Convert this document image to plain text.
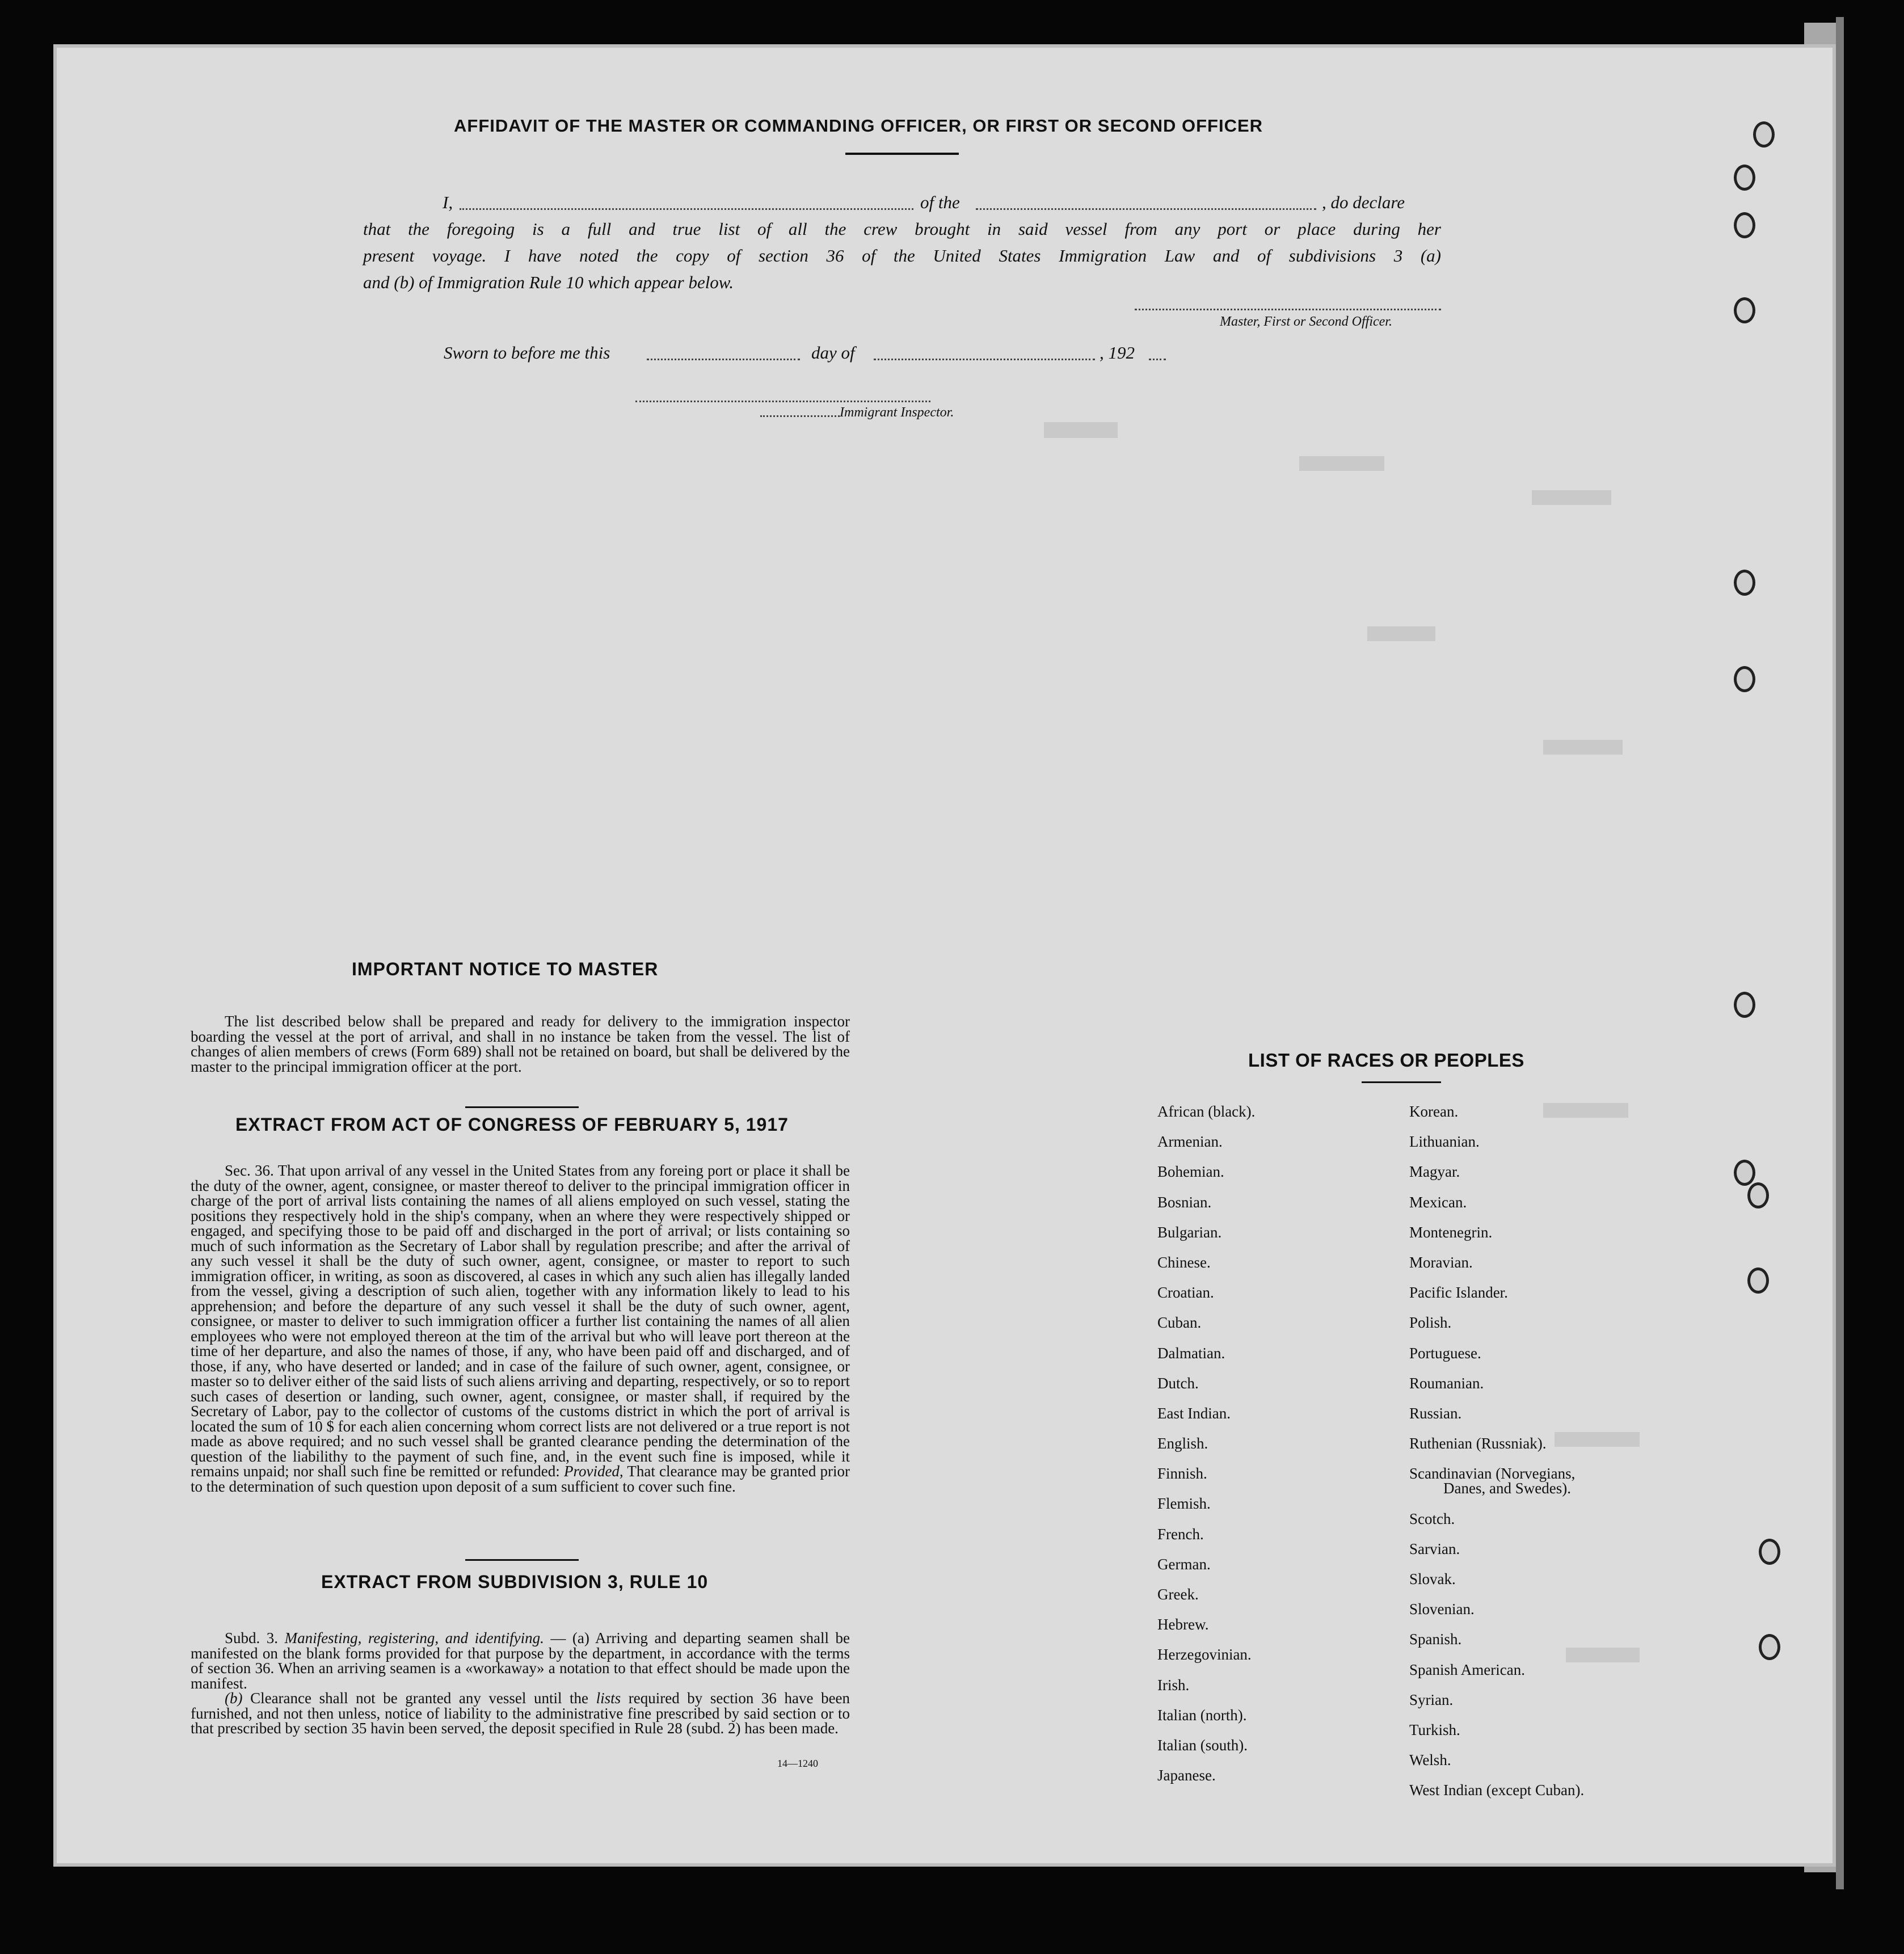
AFFIDAVIT OF THE MASTER OR COMMANDING OFFICER, OR FIRST OR SECOND OFFICER
I,	of the	, do declare
that the foregoing is a full and true list of all the crew brought in said vessel from any port or place during her
present voyage. I have noted the copy of section 36 of the United States Immigration Law and of subdivisions 3 (a)
and (b) of Immigration Rule 10 which appear below.
Master, First or Second Officer.
Sworn to before me this	day of	, 192
Immigrant Inspector.
IMPORTANT NOTICE TO MASTER
The list described below shall be prepared and ready for delivery to the immigration inspector boarding the vessel at the port of arrival, and shall in no instance be taken from the vessel. The list of changes of alien members of crews (Form 689) shall not be retained on board, but shall be delivered by the master to the principal immigration officer at the port.
EXTRACT FROM ACT OF CONGRESS OF FEBRUARY 5, 1917
Sec. 36. That upon arrival of any vessel in the United States from any foreing port or place it shall be the duty of the owner, agent, consignee, or master thereof to deliver to the principal immigration officer in charge of the port of arrival lists containing the names of all aliens employed on such vessel, stating the positions they respectively hold in the ship's company, when an where they were respectively shipped or engaged, and specifying those to be paid off and discharged in the port of arrival; or lists containing so much of such information as the Secretary of Labor shall by regulation prescribe; and after the arrival of any such vessel it shall be the duty of such owner, agent, consignee, or master to report to such immigration officer, in writing, as soon as discovered, al cases in which any such alien has illegally landed from the vessel, giving a description of such alien, together with any information likely to lead to his apprehension; and before the departure of any such vessel it shall be the duty of such owner, agent, consignee, or master to deliver to such immigration officer a further list containing the names of all alien employees who were not employed thereon at the tim of the arrival but who will leave port thereon at the time of her departure, and also the names of those, if any, who have been paid off and discharged, and of those, if any, who have deserted or landed; and in case of the failure of such owner, agent, consignee, or master so to deliver either of the said lists of such aliens arriving and departing, respectively, or so to report such cases of desertion or landing, such owner, agent, consignee, or master shall, if required by the Secretary of Labor, pay to the collector of customs of the customs district in which the port of arrival is located the sum of 10 $ for each alien concerning whom correct lists are not delivered or a true report is not made as above required; and no such vessel shall be granted clearance pending the determination of the question of the liabilithy to the payment of such fine, and, in the event such fine is imposed, while it remains unpaid; nor shall such fine be remitted or refunded: Provided, That clearance may be granted prior to the determination of such question upon deposit of a sum sufficient to cover such fine.
EXTRACT FROM SUBDIVISION 3, RULE 10
Subd. 3. Manifesting, registering, and identifying. — (a) Arriving and departing seamen shall be manifested on the blank forms provided for that purpose by the department, in accordance with the terms of section 36. When an arriving seamen is a «workaway» a notation to that effect should be made upon the manifest.
(b) Clearance shall not be granted any vessel until the lists required by section 36 have been furnished, and not then unless, notice of liability to the administrative fine prescribed by said section or to that prescribed by section 35 havin been served, the deposit specified in Rule 28 (subd. 2) has been made.
14—1240
LIST OF RACES OR PEOPLES
African (black).
Armenian.
Bohemian.
Bosnian.
Bulgarian.
Chinese.
Croatian.
Cuban.
Dalmatian.
Dutch.
East Indian.
English.
Finnish.
Flemish.
French.
German.
Greek.
Hebrew.
Herzegovinian.
Irish.
Italian (north).
Italian (south).
Japanese.
Korean.
Lithuanian.
Magyar.
Mexican.
Montenegrin.
Moravian.
Pacific Islander.
Polish.
Portuguese.
Roumanian.
Russian.
Ruthenian (Russniak).
Scandinavian (Norvegians,
Danes, and Swedes).
Scotch.
Sarvian.
Slovak.
Slovenian.
Spanish.
Spanish American.
Syrian.
Turkish.
Welsh.
West Indian (except Cuban).
